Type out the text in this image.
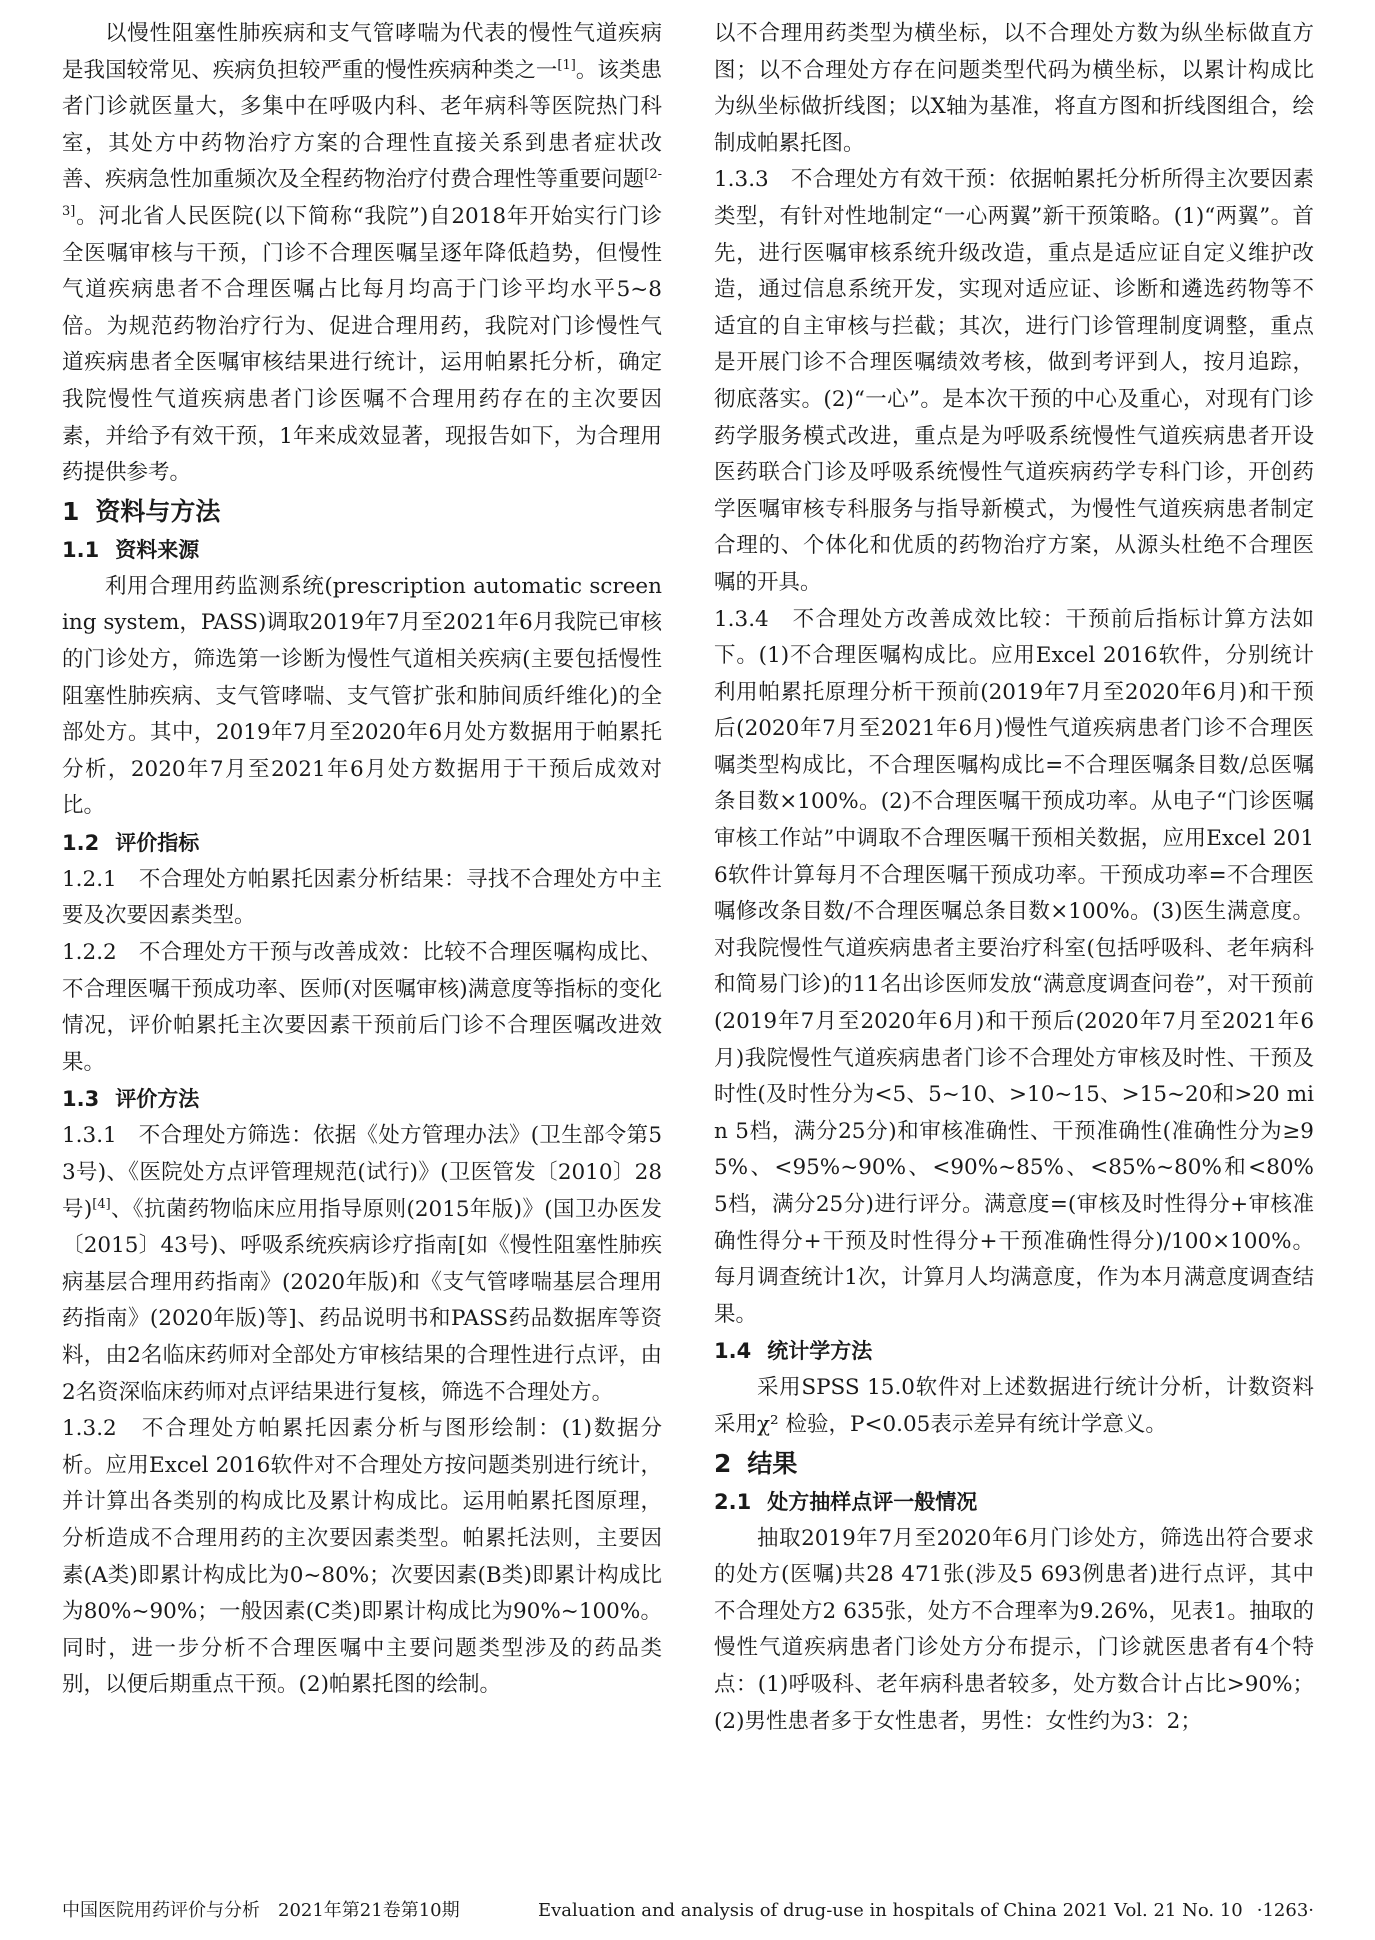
以慢性阻塞性肺疾病和支气管哮喘为代表的慢性气道疾病是我国较常见、疾病负担较严重的慢性疾病种类之一[1]。该类患者门诊就医量大，多集中在呼吸内科、老年病科等医院热门科室，其处方中药物治疗方案的合理性直接关系到患者症状改善、疾病急性加重频次及全程药物治疗付费合理性等重要问题[2-3]。河北省人民医院(以下简称“我院”)自2018年开始实行门诊全医嘱审核与干预，门诊不合理医嘱呈逐年降低趋势，但慢性气道疾病患者不合理医嘱占比每月均高于门诊平均水平5~8倍。为规范药物治疗行为、促进合理用药，我院对门诊慢性气道疾病患者全医嘱审核结果进行统计，运用帕累托分析，确定我院慢性气道疾病患者门诊医嘱不合理用药存在的主次要因素，并给予有效干预，1年来成效显著，现报告如下，为合理用药提供参考。

1 资料与方法

1.1 资料来源

利用合理用药监测系统(prescription automatic screening system，PASS)调取2019年7月至2021年6月我院已审核的门诊处方，筛选第一诊断为慢性气道相关疾病(主要包括慢性阻塞性肺疾病、支气管哮喘、支气管扩张和肺间质纤维化)的全部处方。其中，2019年7月至2020年6月处方数据用于帕累托分析，2020年7月至2021年6月处方数据用于干预后成效对比。

1.2 评价指标

1.2.1　不合理处方帕累托因素分析结果：寻找不合理处方中主要及次要因素类型。

1.2.2　不合理处方干预与改善成效：比较不合理医嘱构成比、不合理医嘱干预成功率、医师(对医嘱审核)满意度等指标的变化情况，评价帕累托主次要因素干预前后门诊不合理医嘱改进效果。

1.3 评价方法

1.3.1　不合理处方筛选：依据《处方管理办法》(卫生部令第53号)、《医院处方点评管理规范(试行)》(卫医管发〔2010〕28号)[4]、《抗菌药物临床应用指导原则(2015年版)》(国卫办医发〔2015〕43号)、呼吸系统疾病诊疗指南[如《慢性阻塞性肺疾病基层合理用药指南》(2020年版)和《支气管哮喘基层合理用药指南》(2020年版)等]、药品说明书和PASS药品数据库等资料，由2名临床药师对全部处方审核结果的合理性进行点评，由2名资深临床药师对点评结果进行复核，筛选不合理处方。

1.3.2　不合理处方帕累托因素分析与图形绘制：(1)数据分析。应用Excel 2016软件对不合理处方按问题类别进行统计，并计算出各类别的构成比及累计构成比。运用帕累托图原理，分析造成不合理用药的主次要因素类型。帕累托法则，主要因素(A类)即累计构成比为0~80%；次要因素(B类)即累计构成比为80%~90%；一般因素(C类)即累计构成比为90%~100%。同时，进一步分析不合理医嘱中主要问题类型涉及的药品类别，以便后期重点干预。(2)帕累托图的绘制。

以不合理用药类型为横坐标，以不合理处方数为纵坐标做直方图；以不合理处方存在问题类型代码为横坐标，以累计构成比为纵坐标做折线图；以X轴为基准，将直方图和折线图组合，绘制成帕累托图。

1.3.3　不合理处方有效干预：依据帕累托分析所得主次要因素类型，有针对性地制定“一心两翼”新干预策略。(1)“两翼”。首先，进行医嘱审核系统升级改造，重点是适应证自定义维护改造，通过信息系统开发，实现对适应证、诊断和遴选药物等不适宜的自主审核与拦截；其次，进行门诊管理制度调整，重点是开展门诊不合理医嘱绩效考核，做到考评到人，按月追踪，彻底落实。(2)“一心”。是本次干预的中心及重心，对现有门诊药学服务模式改进，重点是为呼吸系统慢性气道疾病患者开设医药联合门诊及呼吸系统慢性气道疾病药学专科门诊，开创药学医嘱审核专科服务与指导新模式，为慢性气道疾病患者制定合理的、个体化和优质的药物治疗方案，从源头杜绝不合理医嘱的开具。

1.3.4　不合理处方改善成效比较：干预前后指标计算方法如下。(1)不合理医嘱构成比。应用Excel 2016软件，分别统计利用帕累托原理分析干预前(2019年7月至2020年6月)和干预后(2020年7月至2021年6月)慢性气道疾病患者门诊不合理医嘱类型构成比，不合理医嘱构成比=不合理医嘱条目数/总医嘱条目数×100%。(2)不合理医嘱干预成功率。从电子“门诊医嘱审核工作站”中调取不合理医嘱干预相关数据，应用Excel 2016软件计算每月不合理医嘱干预成功率。干预成功率=不合理医嘱修改条目数/不合理医嘱总条目数×100%。(3)医生满意度。对我院慢性气道疾病患者主要治疗科室(包括呼吸科、老年病科和简易门诊)的11名出诊医师发放“满意度调查问卷”，对干预前(2019年7月至2020年6月)和干预后(2020年7月至2021年6月)我院慢性气道疾病患者门诊不合理处方审核及时性、干预及时性(及时性分为<5、5~10、>10~15、>15~20和>20 min 5档，满分25分)和审核准确性、干预准确性(准确性分为≥95%、<95%~90%、<90%~85%、<85%~80%和<80% 5档，满分25分)进行评分。满意度=(审核及时性得分+审核准确性得分+干预及时性得分+干预准确性得分)/100×100%。每月调查统计1次，计算月人均满意度，作为本月满意度调查结果。

1.4 统计学方法

采用SPSS 15.0软件对上述数据进行统计分析，计数资料采用χ² 检验，P<0.05表示差异有统计学意义。

2 结果

2.1 处方抽样点评一般情况

抽取2019年7月至2020年6月门诊处方，筛选出符合要求的处方(医嘱)共28 471张(涉及5 693例患者)进行点评，其中不合理处方2 635张，处方不合理率为9.26%，见表1。抽取的慢性气道疾病患者门诊处方分布提示，门诊就医患者有4个特点：(1)呼吸科、老年病科患者较多，处方数合计占比>90%；(2)男性患者多于女性患者，男性：女性约为3：2；

中国医院用药评价与分析　2021年第21卷第10期	Evaluation and analysis of drug-use in hospitals of China 2021 Vol. 21 No. 10 ·1263·
